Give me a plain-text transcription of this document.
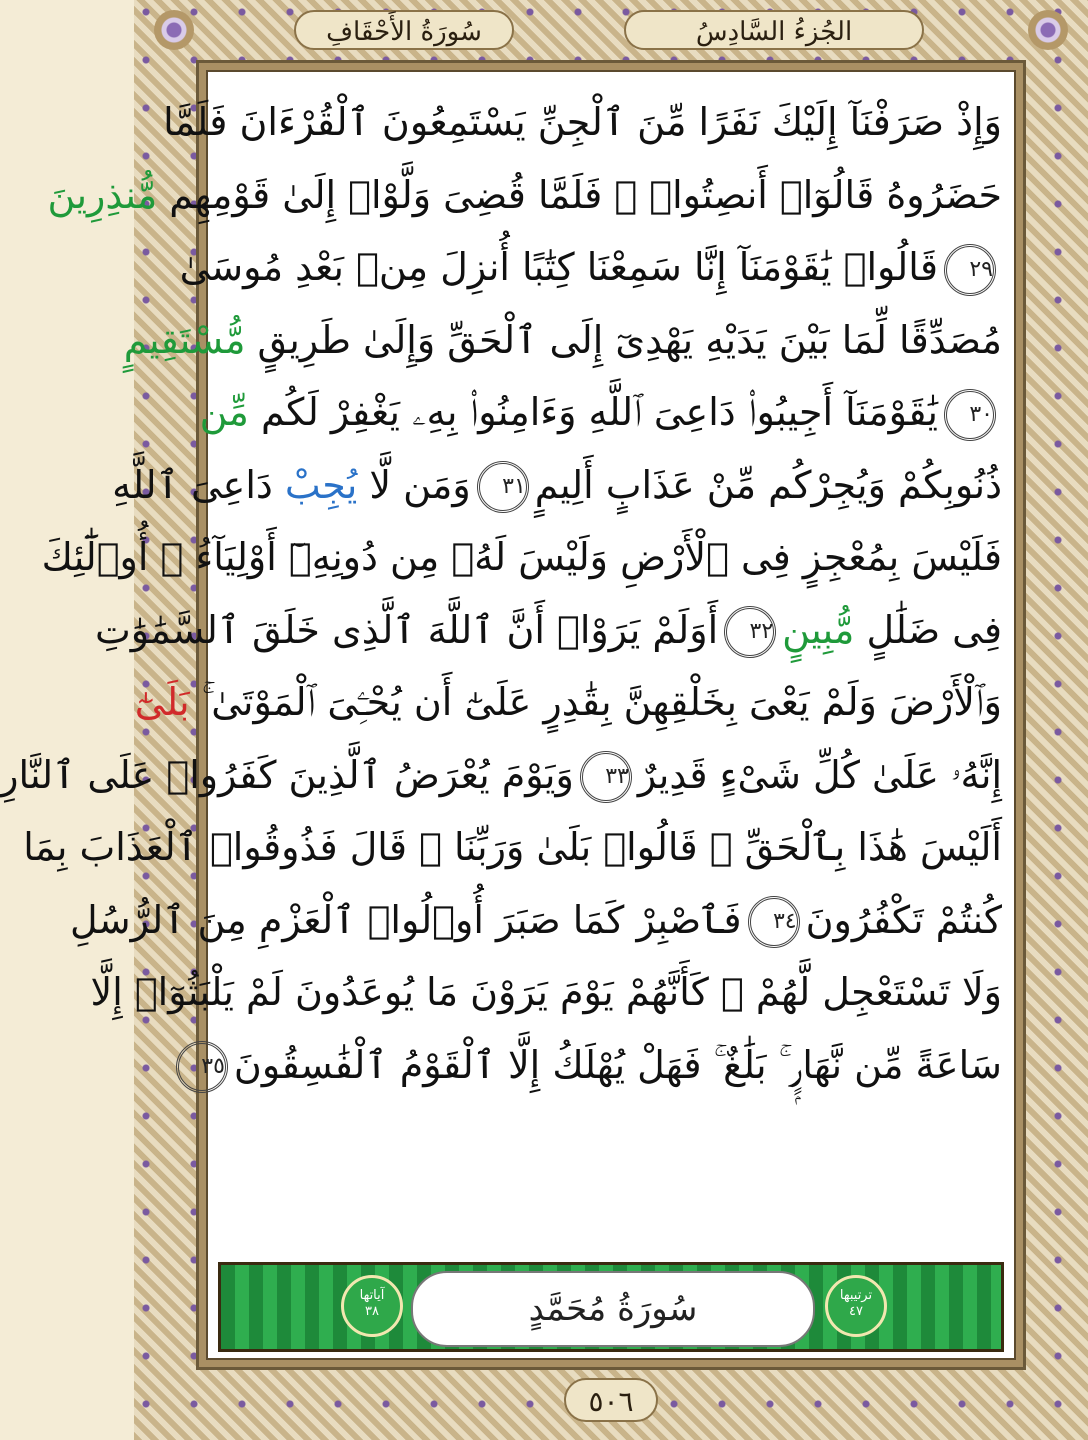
سُورَةُ الأَحْقَافِ	الجُزءُ السَّادِسُ
وَإِذْ صَرَفْنَآ إِلَيْكَ نَفَرًا مِّنَ ٱلْجِنِّ يَسْتَمِعُونَ ٱلْقُرْءَانَ فَلَمَّا
حَضَرُوهُ قَالُوٓا۟ أَنصِتُوا۟ ۖ فَلَمَّا قُضِىَ وَلَّوْا۟ إِلَىٰ قَوْمِهِم مُّنذِرِينَ
٢٩قَالُوا۟ يَٰقَوْمَنَآ إِنَّا سَمِعْنَا كِتَٰبًا أُنزِلَ مِنۢ بَعْدِ مُوسَىٰ
مُصَدِّقًا لِّمَا بَيْنَ يَدَيْهِ يَهْدِىٓ إِلَى ٱلْحَقِّ وَإِلَىٰ طَرِيقٍ مُّسْتَقِيمٍ
٣٠يَٰقَوْمَنَآ أَجِيبُوا۟ دَاعِىَ ٱللَّهِ وَءَامِنُوا۟ بِهِۦ يَغْفِرْ لَكُم مِّن
ذُنُوبِكُمْ وَيُجِرْكُم مِّنْ عَذَابٍ أَلِيمٍ٣١وَمَن لَّا يُجِبْ دَاعِىَ ٱللَّهِ
فَلَيْسَ بِمُعْجِزٍ فِى ٱلْأَرْضِ وَلَيْسَ لَهُۥ مِن دُونِهِۦٓ أَوْلِيَآءُ ۚ أُو۟لَٰٓئِكَ
فِى ضَلَٰلٍ مُّبِينٍ٣٢أَوَلَمْ يَرَوْا۟ أَنَّ ٱللَّهَ ٱلَّذِى خَلَقَ ٱلسَّمَٰوَٰتِ
وَٱلْأَرْضَ وَلَمْ يَعْىَ بِخَلْقِهِنَّ بِقَٰدِرٍ عَلَىٰٓ أَن يُحْـِۧىَ ٱلْمَوْتَىٰ ۚ بَلَىٰٓ
إِنَّهُۥ عَلَىٰ كُلِّ شَىْءٍ قَدِيرٌ٣٣وَيَوْمَ يُعْرَضُ ٱلَّذِينَ كَفَرُوا۟ عَلَى ٱلنَّارِ
أَلَيْسَ هَٰذَا بِٱلْحَقِّ ۖ قَالُوا۟ بَلَىٰ وَرَبِّنَا ۚ قَالَ فَذُوقُوا۟ ٱلْعَذَابَ بِمَا
كُنتُمْ تَكْفُرُونَ٣٤فَٱصْبِرْ كَمَا صَبَرَ أُو۟لُوا۟ ٱلْعَزْمِ مِنَ ٱلرُّسُلِ
وَلَا تَسْتَعْجِل لَّهُمْ ۚ كَأَنَّهُمْ يَوْمَ يَرَوْنَ مَا يُوعَدُونَ لَمْ يَلْبَثُوٓا۟ إِلَّا
سَاعَةً مِّن نَّهَارٍۭ ۚ بَلَٰغٌ ۚ فَهَلْ يُهْلَكُ إِلَّا ٱلْقَوْمُ ٱلْفَٰسِقُونَ٣٥
آياتها
٣٨	سُورَةُ مُحَمَّدٍ	ترتيبها
٤٧
٥٠٦
